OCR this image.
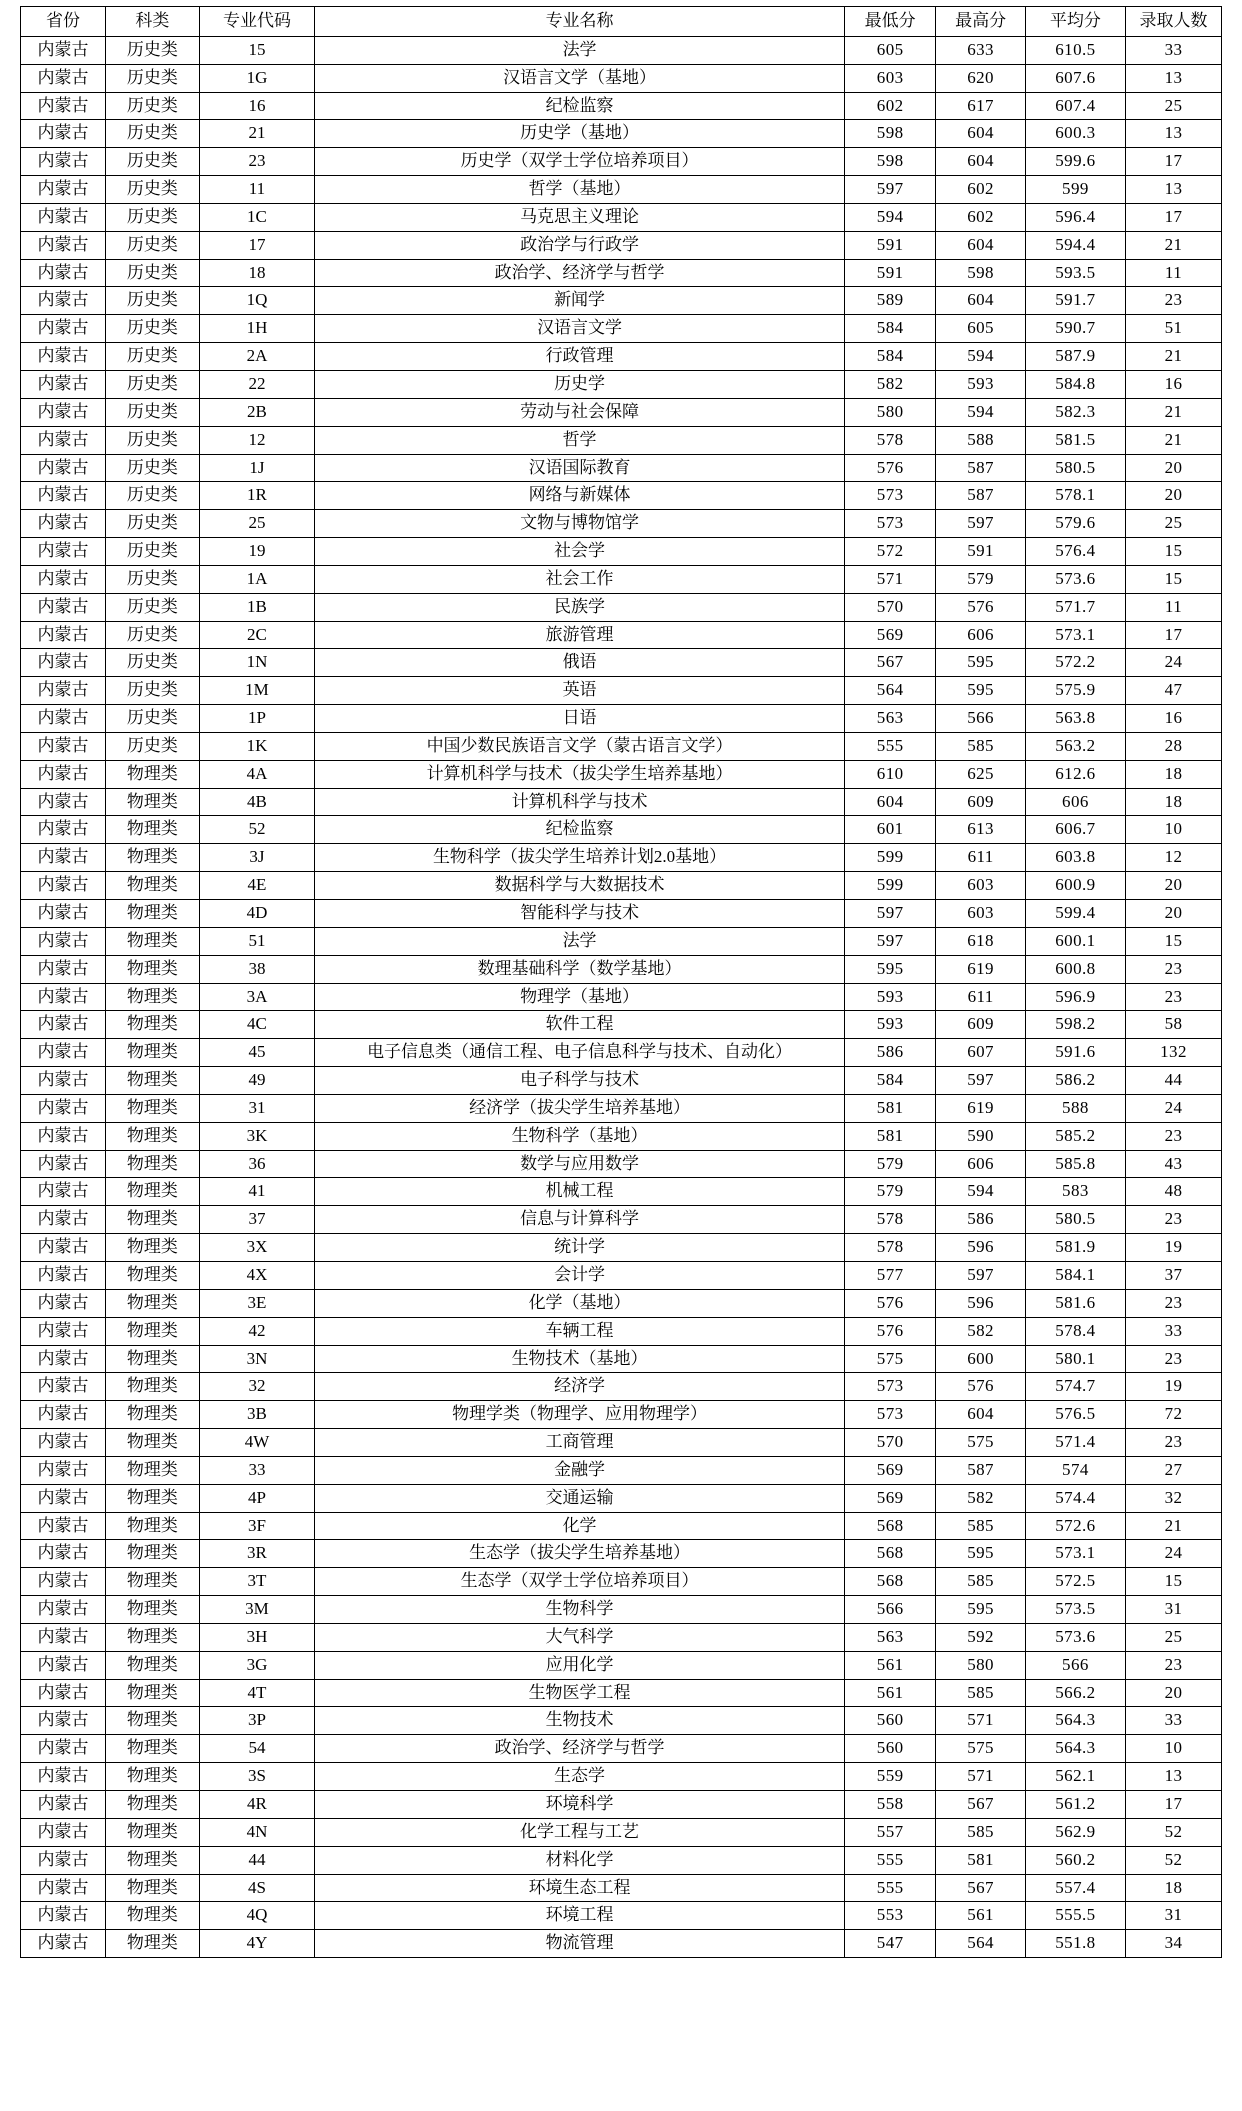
省份	科类	专业代码	专业名称	最低分	最高分	平均分	录取人数
内蒙古	历史类	15	法学	605	633	610.5	33
内蒙古	历史类	1G	汉语言文学（基地）	603	620	607.6	13
内蒙古	历史类	16	纪检监察	602	617	607.4	25
内蒙古	历史类	21	历史学（基地）	598	604	600.3	13
内蒙古	历史类	23	历史学（双学士学位培养项目）	598	604	599.6	17
内蒙古	历史类	11	哲学（基地）	597	602	599	13
内蒙古	历史类	1C	马克思主义理论	594	602	596.4	17
内蒙古	历史类	17	政治学与行政学	591	604	594.4	21
内蒙古	历史类	18	政治学、经济学与哲学	591	598	593.5	11
内蒙古	历史类	1Q	新闻学	589	604	591.7	23
内蒙古	历史类	1H	汉语言文学	584	605	590.7	51
内蒙古	历史类	2A	行政管理	584	594	587.9	21
内蒙古	历史类	22	历史学	582	593	584.8	16
内蒙古	历史类	2B	劳动与社会保障	580	594	582.3	21
内蒙古	历史类	12	哲学	578	588	581.5	21
内蒙古	历史类	1J	汉语国际教育	576	587	580.5	20
内蒙古	历史类	1R	网络与新媒体	573	587	578.1	20
内蒙古	历史类	25	文物与博物馆学	573	597	579.6	25
内蒙古	历史类	19	社会学	572	591	576.4	15
内蒙古	历史类	1A	社会工作	571	579	573.6	15
内蒙古	历史类	1B	民族学	570	576	571.7	11
内蒙古	历史类	2C	旅游管理	569	606	573.1	17
内蒙古	历史类	1N	俄语	567	595	572.2	24
内蒙古	历史类	1M	英语	564	595	575.9	47
内蒙古	历史类	1P	日语	563	566	563.8	16
内蒙古	历史类	1K	中国少数民族语言文学（蒙古语言文学）	555	585	563.2	28
内蒙古	物理类	4A	计算机科学与技术（拔尖学生培养基地）	610	625	612.6	18
内蒙古	物理类	4B	计算机科学与技术	604	609	606	18
内蒙古	物理类	52	纪检监察	601	613	606.7	10
内蒙古	物理类	3J	生物科学（拔尖学生培养计划2.0基地）	599	611	603.8	12
内蒙古	物理类	4E	数据科学与大数据技术	599	603	600.9	20
内蒙古	物理类	4D	智能科学与技术	597	603	599.4	20
内蒙古	物理类	51	法学	597	618	600.1	15
内蒙古	物理类	38	数理基础科学（数学基地）	595	619	600.8	23
内蒙古	物理类	3A	物理学（基地）	593	611	596.9	23
内蒙古	物理类	4C	软件工程	593	609	598.2	58
内蒙古	物理类	45	电子信息类（通信工程、电子信息科学与技术、自动化）	586	607	591.6	132
内蒙古	物理类	49	电子科学与技术	584	597	586.2	44
内蒙古	物理类	31	经济学（拔尖学生培养基地）	581	619	588	24
内蒙古	物理类	3K	生物科学（基地）	581	590	585.2	23
内蒙古	物理类	36	数学与应用数学	579	606	585.8	43
内蒙古	物理类	41	机械工程	579	594	583	48
内蒙古	物理类	37	信息与计算科学	578	586	580.5	23
内蒙古	物理类	3X	统计学	578	596	581.9	19
内蒙古	物理类	4X	会计学	577	597	584.1	37
内蒙古	物理类	3E	化学（基地）	576	596	581.6	23
内蒙古	物理类	42	车辆工程	576	582	578.4	33
内蒙古	物理类	3N	生物技术（基地）	575	600	580.1	23
内蒙古	物理类	32	经济学	573	576	574.7	19
内蒙古	物理类	3B	物理学类（物理学、应用物理学）	573	604	576.5	72
内蒙古	物理类	4W	工商管理	570	575	571.4	23
内蒙古	物理类	33	金融学	569	587	574	27
内蒙古	物理类	4P	交通运输	569	582	574.4	32
内蒙古	物理类	3F	化学	568	585	572.6	21
内蒙古	物理类	3R	生态学（拔尖学生培养基地）	568	595	573.1	24
内蒙古	物理类	3T	生态学（双学士学位培养项目）	568	585	572.5	15
内蒙古	物理类	3M	生物科学	566	595	573.5	31
内蒙古	物理类	3H	大气科学	563	592	573.6	25
内蒙古	物理类	3G	应用化学	561	580	566	23
内蒙古	物理类	4T	生物医学工程	561	585	566.2	20
内蒙古	物理类	3P	生物技术	560	571	564.3	33
内蒙古	物理类	54	政治学、经济学与哲学	560	575	564.3	10
内蒙古	物理类	3S	生态学	559	571	562.1	13
内蒙古	物理类	4R	环境科学	558	567	561.2	17
内蒙古	物理类	4N	化学工程与工艺	557	585	562.9	52
内蒙古	物理类	44	材料化学	555	581	560.2	52
内蒙古	物理类	4S	环境生态工程	555	567	557.4	18
内蒙古	物理类	4Q	环境工程	553	561	555.5	31
内蒙古	物理类	4Y	物流管理	547	564	551.8	34
